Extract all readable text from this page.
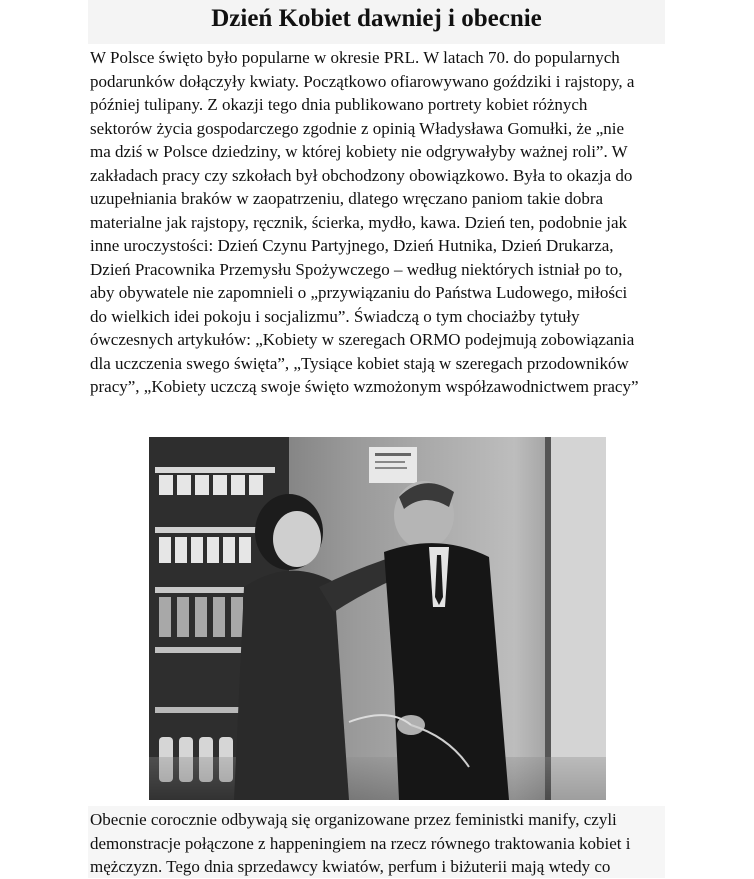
Dzień Kobiet dawniej i obecnie

W Polsce święto było popularne w okresie PRL. W latach 70. do popularnych
podarunków dołączyły kwiaty. Początkowo ofiarowywano goździki i rajstopy, a
później tulipany. Z okazji tego dnia publikowano portrety kobiet różnych
sektorów życia gospodarczego zgodnie z opinią Władysława Gomułki, że „nie
ma dziś w Polsce dziedziny, w której kobiety nie odgrywałyby ważnej roli”. W
zakładach pracy czy szkołach był obchodzony obowiązkowo. Była to okazja do
uzupełniania braków w zaopatrzeniu, dlatego wręczano paniom takie dobra
materialne jak rajstopy, ręcznik, ścierka, mydło, kawa. Dzień ten, podobnie jak
inne uroczystości: Dzień Czynu Partyjnego, Dzień Hutnika, Dzień Drukarza,
Dzień Pracownika Przemysłu Spożywczego – według niektórych istniał po to,
aby obywatele nie zapomnieli o „przywiązaniu do Państwa Ludowego, miłości
do wielkich idei pokoju i socjalizmu”. Świadczą o tym chociażby tytuły
ówczesnych artykułów: „Kobiety w szeregach ORMO podejmują zobowiązania
dla uczczenia swego święta”, „Tysiące kobiet stają w szeregach przodowników
pracy”, „Kobiety uczczą swoje święto wzmożonym współzawodnictwem pracy”

Obecnie corocznie odbywają się organizowane przez feministki manify, czyli
demonstracje połączone z happeningiem na rzecz równego traktowania kobiet i
mężczyzn. Tego dnia sprzedawcy kwiatów, perfum i biżuterii mają wtedy co
